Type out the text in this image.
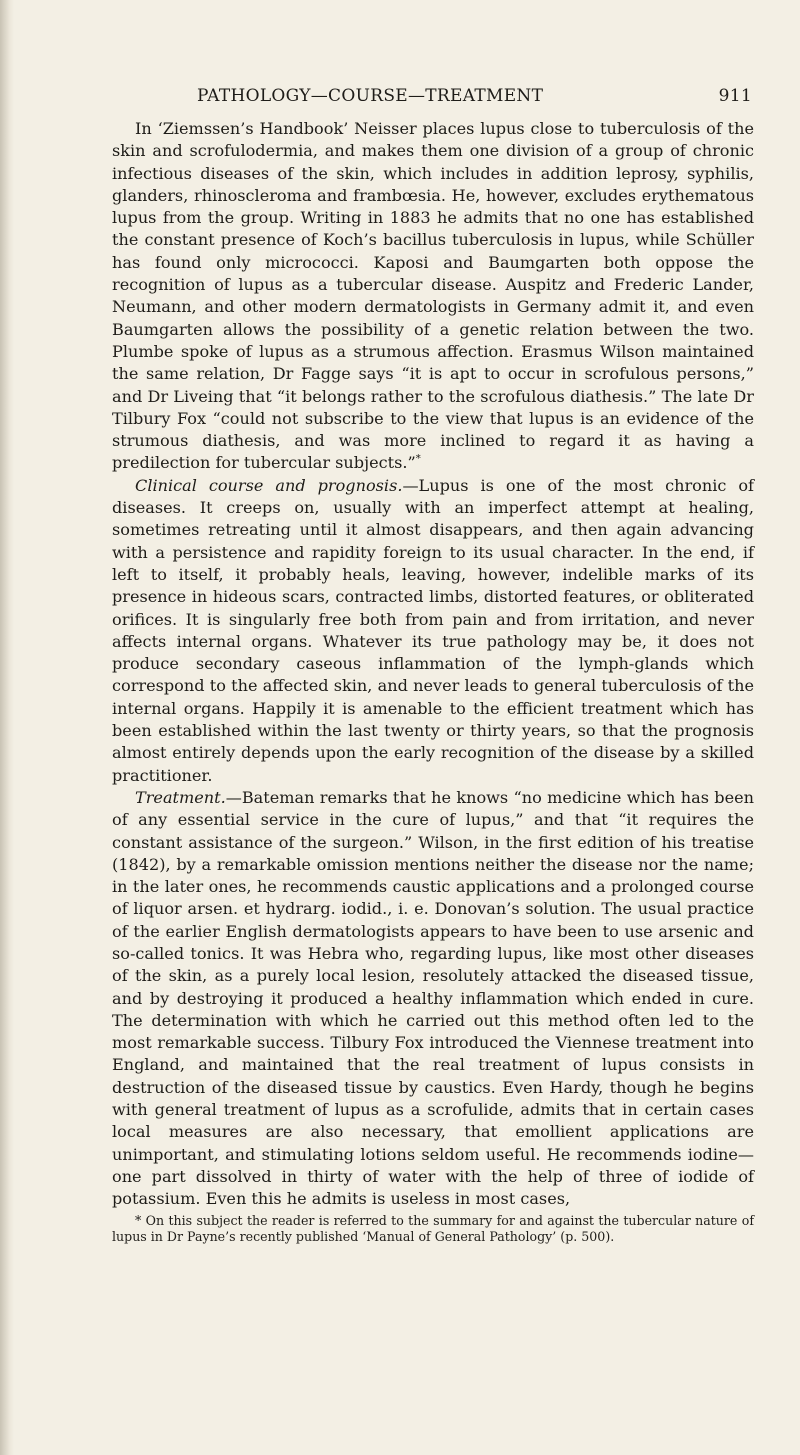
PATHOLOGY—COURSE—TREATMENT	911

In ‘Ziemssen’s Handbook’ Neisser places lupus close to tuberculosis of the skin and scrofulodermia, and makes them one division of a group of chronic infectious diseases of the skin, which includes in addition leprosy, syphilis, glanders, rhinoscleroma and frambœsia. He, however, excludes erythematous lupus from the group. Writing in 1883 he admits that no one has established the constant presence of Koch’s bacillus tuberculosis in lupus, while Schüller has found only micrococci. Kaposi and Baumgarten both oppose the recognition of lupus as a tubercular disease. Auspitz and Frederic Lander, Neumann, and other modern dermatologists in Germany admit it, and even Baumgarten allows the possibility of a genetic relation between the two. Plumbe spoke of lupus as a strumous affection. Erasmus Wilson maintained the same relation, Dr Fagge says “it is apt to occur in scrofulous persons,” and Dr Liveing that “it belongs rather to the scrofulous diathesis.” The late Dr Tilbury Fox “could not subscribe to the view that lupus is an evidence of the strumous diathesis, and was more inclined to regard it as having a predilection for tubercular subjects.”*

Clinical course and prognosis.—Lupus is one of the most chronic of diseases. It creeps on, usually with an imperfect attempt at healing, sometimes retreating until it almost disappears, and then again advancing with a persistence and rapidity foreign to its usual character. In the end, if left to itself, it probably heals, leaving, however, indelible marks of its presence in hideous scars, contracted limbs, distorted features, or obliterated orifices. It is singularly free both from pain and from irritation, and never affects internal organs. Whatever its true pathology may be, it does not produce secondary caseous inflammation of the lymph-glands which correspond to the affected skin, and never leads to general tuberculosis of the internal organs. Happily it is amenable to the efficient treatment which has been established within the last twenty or thirty years, so that the prognosis almost entirely depends upon the early recognition of the disease by a skilled practitioner.

Treatment.—Bateman remarks that he knows “no medicine which has been of any essential service in the cure of lupus,” and that “it requires the constant assistance of the surgeon.” Wilson, in the first edition of his treatise (1842), by a remarkable omission mentions neither the disease nor the name; in the later ones, he recommends caustic applications and a prolonged course of liquor arsen. et hydrarg. iodid., i. e. Donovan’s solution. The usual practice of the earlier English dermatologists appears to have been to use arsenic and so-called tonics. It was Hebra who, regarding lupus, like most other diseases of the skin, as a purely local lesion, resolutely attacked the diseased tissue, and by destroying it produced a healthy inflammation which ended in cure. The determination with which he carried out this method often led to the most remarkable success. Tilbury Fox introduced the Viennese treatment into England, and maintained that the real treatment of lupus consists in destruction of the diseased tissue by caustics. Even Hardy, though he begins with general treatment of lupus as a scrofulide, admits that in certain cases local measures are also necessary, that emollient applications are unimportant, and stimulating lotions seldom useful. He recommends iodine—one part dissolved in thirty of water with the help of three of iodide of potassium. Even this he admits is useless in most cases,

* On this subject the reader is referred to the summary for and against the tubercular nature of lupus in Dr Payne’s recently published ‘Manual of General Pathology’ (p. 500).
